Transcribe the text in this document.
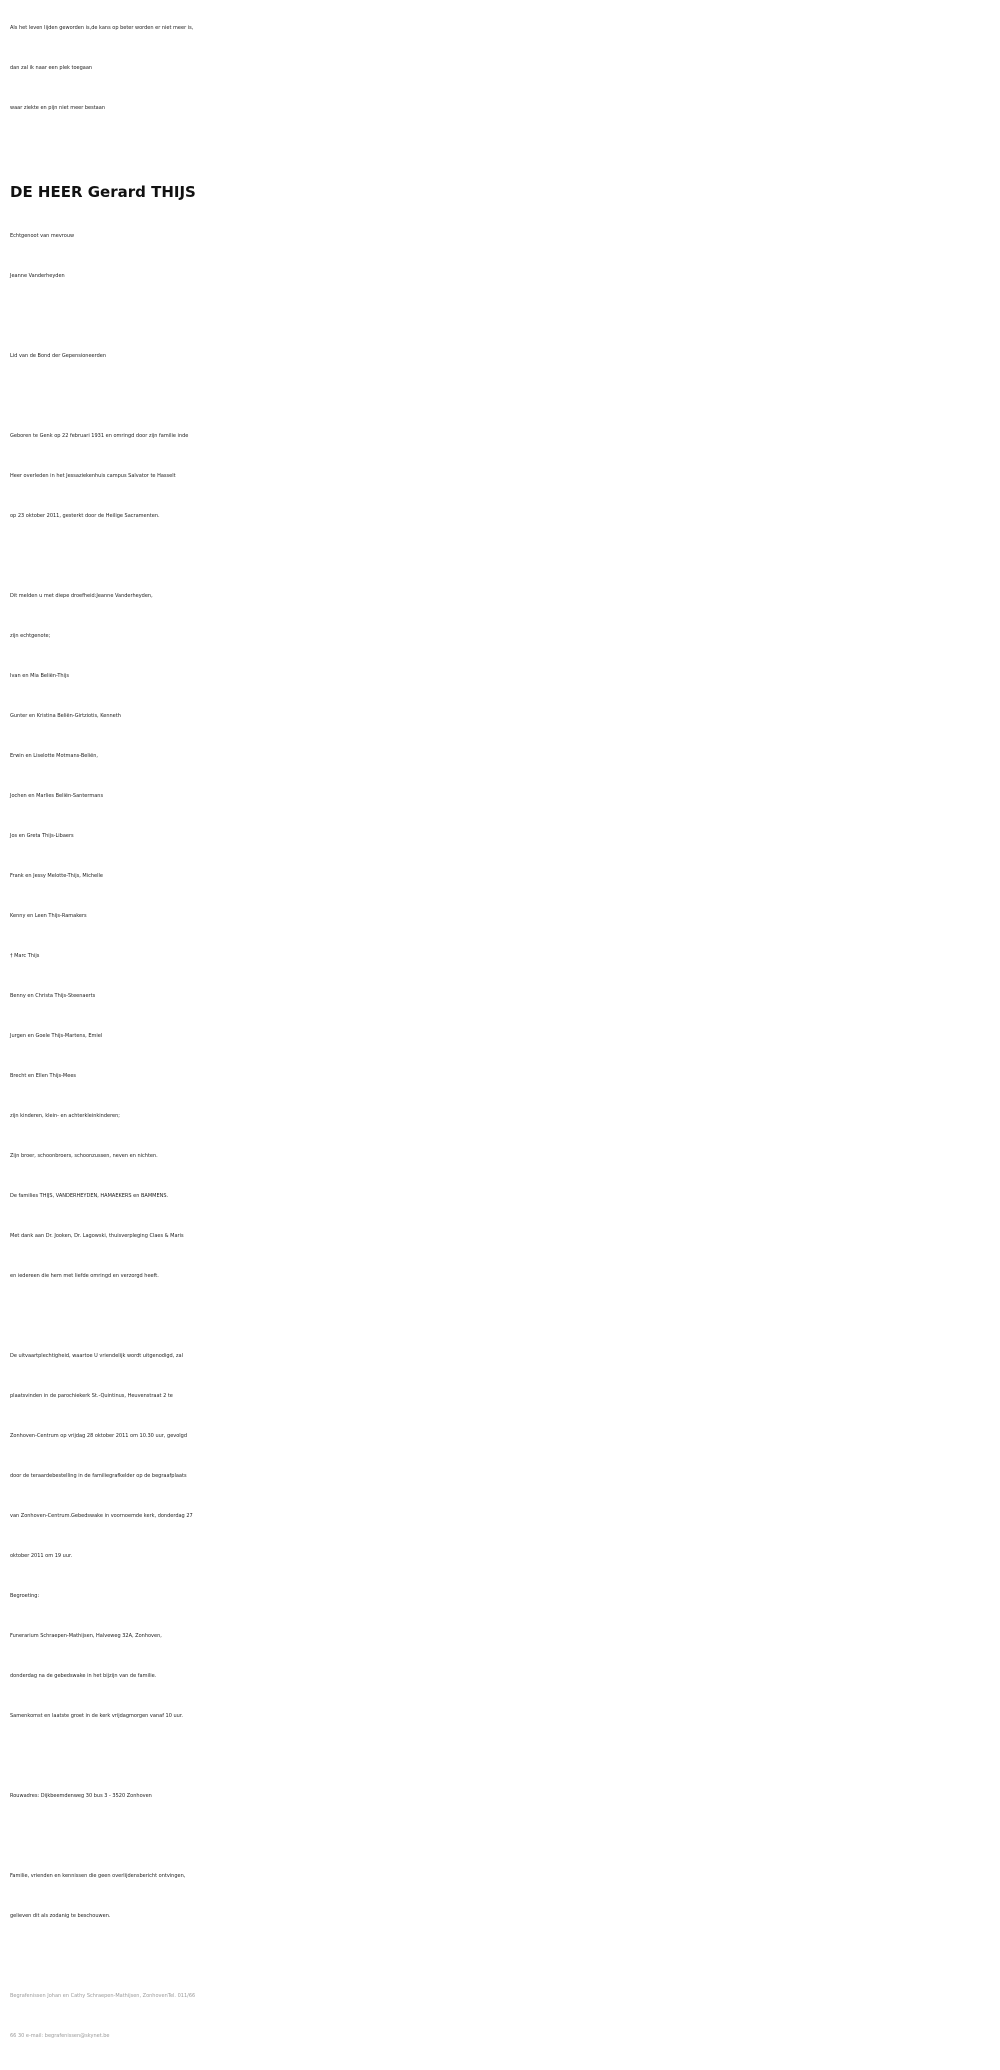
Als het leven lijden geworden is,de kans op beter worden er niet meer is,
dan zal ik naar een plek toegaan
waar ziekte en pijn niet meer bestaan
DE HEER Gerard THIJS
Echtgenoot van mevrouw
Jeanne Vanderheyden
Lid van de Bond der Gepensioneerden
Geboren te Genk op 22 februari 1931 en omringd door zijn familie inde
Heer overleden in het Jessaziekenhuis campus Salvator te Hasselt
op 23 oktober 2011, gesterkt door de Heilige Sacramenten.
Dit melden u met diepe droefheid:Jeanne Vanderheyden,
zijn echtgenote;
Ivan en Mia Beliën-Thijs
Gunter en Kristina Beliën-Girtziotis, Kenneth
Erwin en Liselotte Motmans-Beliën,
Jochen en Marlies Beliën-Santermans
Jos en Greta Thijs-Libaers
Frank en Jessy Melotte-Thijs, Michelle
Kenny en Leen Thijs-Ramakers
† Marc Thijs
Benny en Christa Thijs-Steenaerts
Jurgen en Goele Thijs-Martens, Emiel
Brecht en Ellen Thijs-Mees
zijn kinderen, klein- en achterkleinkinderen;
Zijn broer, schoonbroers, schoonzussen, neven en nichten.
De families THIJS, VANDERHEYDEN, HAMAEKERS en BAMMENS.
Met dank aan Dr. Jooken, Dr. Lagowski, thuisverpleging Claes & Maris
en iedereen die hem met liefde omringd en verzorgd heeft.
De uitvaartplechtigheid, waartoe U vriendelijk wordt uitgenodigd, zal
plaatsvinden in de parochiekerk St.-Quintinus, Heuvenstraat 2 te
Zonhoven-Centrum op vrijdag 28 oktober 2011 om 10.30 uur, gevolgd
door de teraardebestelling in de familiegrafkelder op de begraafplaats
van Zonhoven-Centrum.Gebedswake in voornoemde kerk, donderdag 27
oktober 2011 om 19 uur.
Begroeting:
Funerarium Schraepen-Mathijsen, Halveweg 32A, Zonhoven,
donderdag na de gebedswake in het bijzijn van de familie.
Samenkomst en laatste groet in de kerk vrijdagmorgen vanaf 10 uur.
Rouwadres: Dijkbeemdenweg 30 bus 3 - 3520 Zonhoven
Familie, vrienden en kennissen die geen overlijdensbericht ontvingen,
gelieven dit als zodanig te beschouwen.
Begrafenissen Johan en Cathy Schraepen-Mathijsen, ZonhovenTel. 011/66
66 30 e-mail: begrafenissen@skynet.be
